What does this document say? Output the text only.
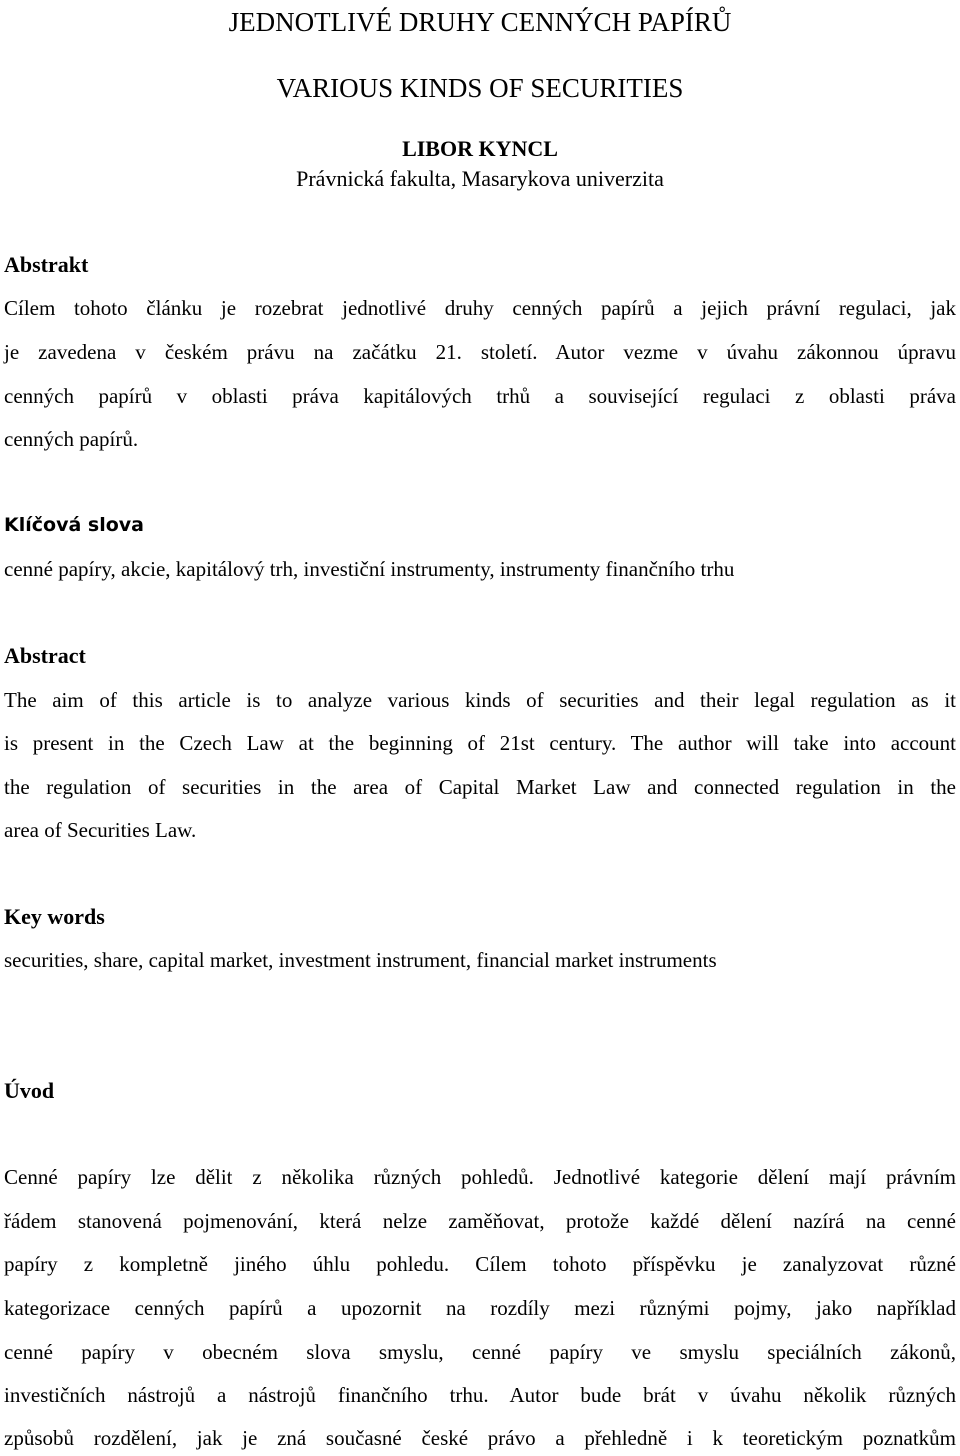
JEDNOTLIVÉ DRUHY CENNÝCH PAPÍRŮ
VARIOUS KINDS OF SECURITIES
LIBOR KYNCL
Právnická fakulta, Masarykova univerzita
Abstrakt
Cílem tohoto článku je rozebrat jednotlivé druhy cenných papírů a jejich právní regulaci, jak
je zavedena v českém právu na začátku 21. století. Autor vezme v úvahu zákonnou úpravu
cenných papírů v oblasti práva kapitálových trhů a související regulaci z oblasti práva
cenných papírů.
Klíčová slova
cenné papíry, akcie, kapitálový trh, investiční instrumenty, instrumenty finančního trhu
Abstract
The aim of this article is to analyze various kinds of securities and their legal regulation as it
is present in the Czech Law at the beginning of 21st century. The author will take into account
the regulation of securities in the area of Capital Market Law and connected regulation in the
area of Securities Law.
Key words
securities, share, capital market, investment instrument, financial market instruments
Úvod
Cenné papíry lze dělit z několika různých pohledů. Jednotlivé kategorie dělení mají právním
řádem stanovená pojmenování, která nelze zaměňovat, protože každé dělení nazírá na cenné
papíry z kompletně jiného úhlu pohledu. Cílem tohoto příspěvku je zanalyzovat různé
kategorizace cenných papírů a upozornit na rozdíly mezi různými pojmy, jako například
cenné papíry v obecném slova smyslu, cenné papíry ve smyslu speciálních zákonů,
investičních nástrojů a nástrojů finančního trhu. Autor bude brát v úvahu několik různých
způsobů rozdělení, jak je zná současné české právo a přehledně i k teoretickým poznatkům
